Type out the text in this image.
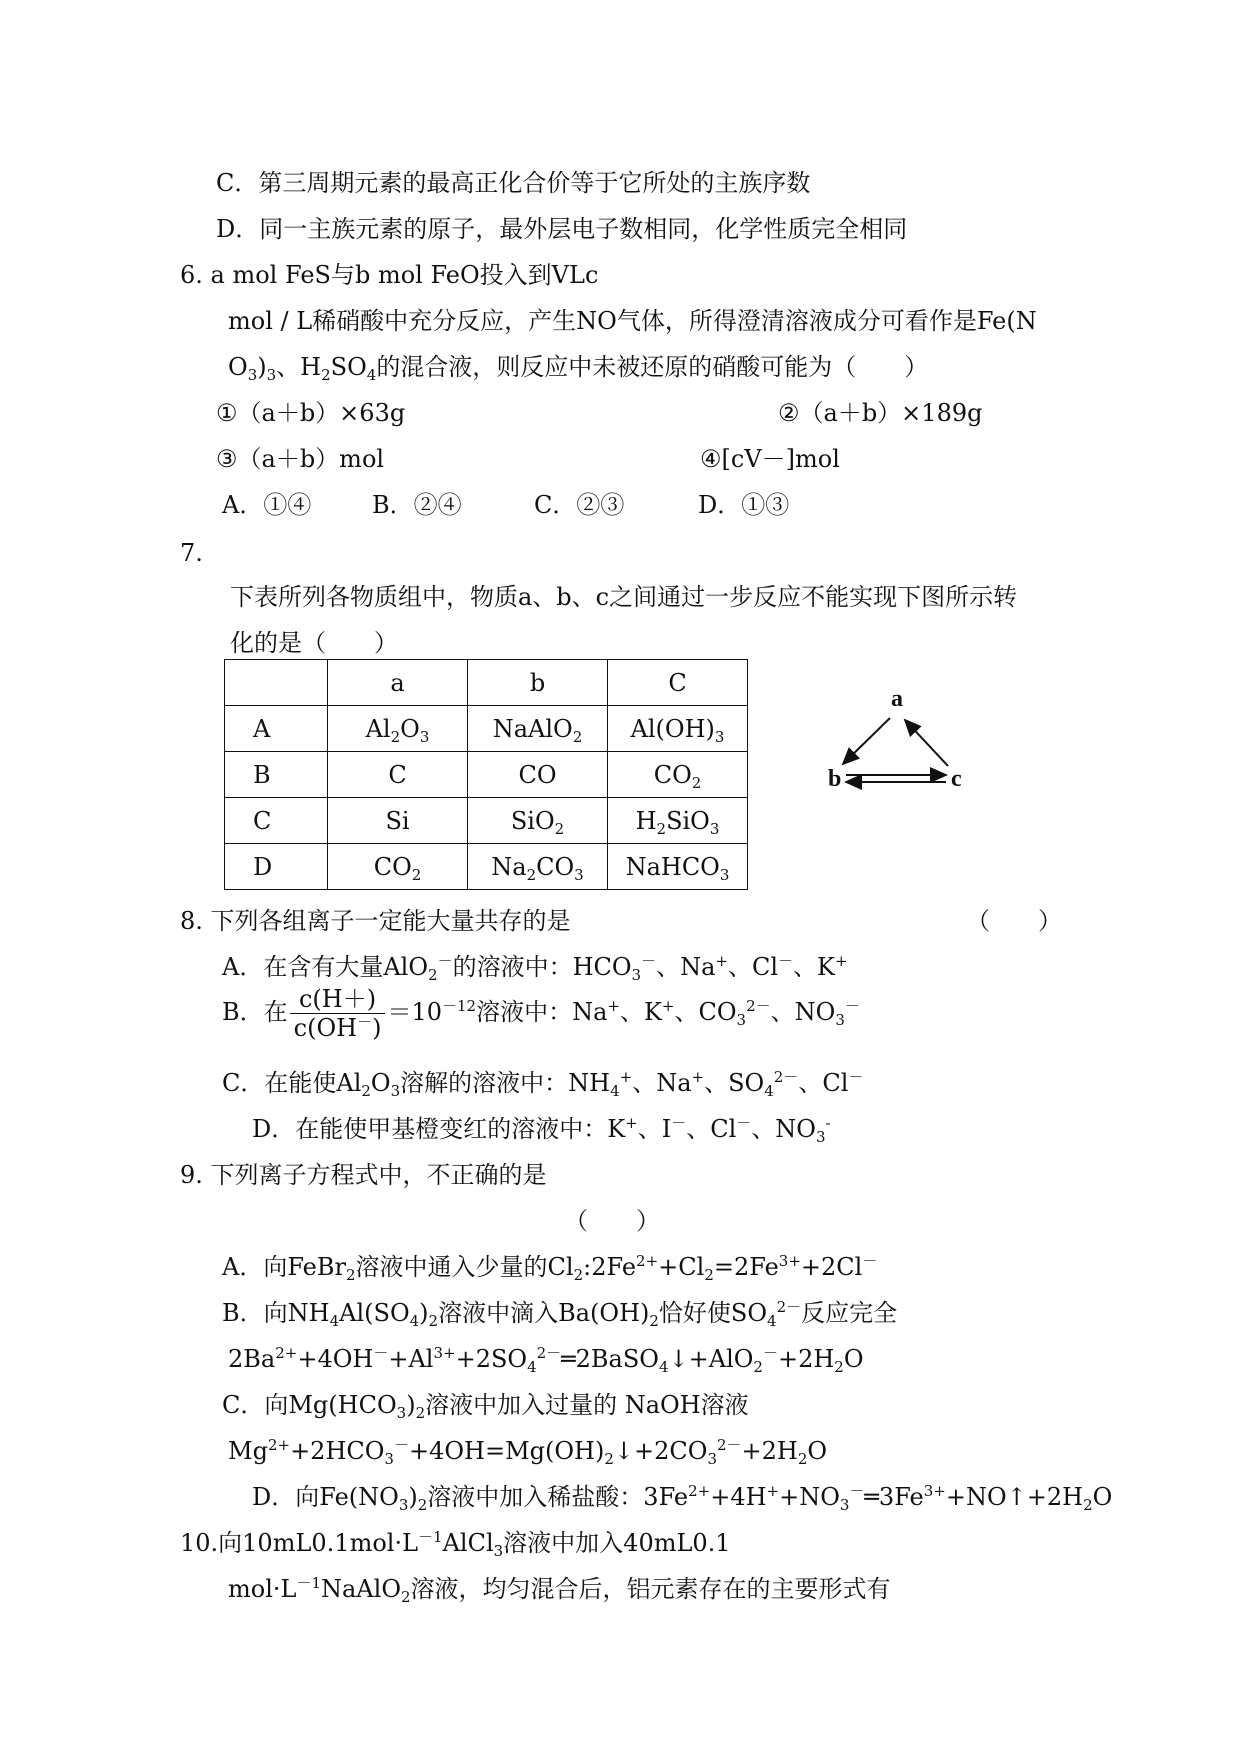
C．第三周期元素的最高正化合价等于它所处的主族序数
D．同一主族元素的原子，最外层电子数相同，化学性质完全相同
6. a mol FeS与b mol FeO投入到VLc
mol / L稀硝酸中充分反应，产生NO气体，所得澄清溶液成分可看作是Fe(N
$O_3)_3$、$H_2SO_4$的混合液，则反应中未被还原的硝酸可能为（　　）
①（a＋b）×63g	②（a＋b）×189g
③（a＋b）mol	④[cV－]mol
A．①④	B．②④	C．②③	D．①③
7.
下表所列各物质组中，物质a、b、c之间通过一步反应不能实现下图所示转
化的是（　　）
	a	b	C
A	$Al_2O_3$	NaAlO$_2$	$Al(OH)_3$
B	C	CO	$CO_2$
C	Si	SiO$_2$	$H_2SiO_3$
D	$CO_2$	$Na_2CO_3$	NaHCO$_3$
a
b	c
8. 下列各组离子一定能大量共存的是	（　　）
A．在含有大量AlO$_2$－的溶液中：$HCO_3^-$、Na+、Cl－、K+
B．在 $\frac{c(H+)}{c(OH^-)} =10^{-12}$溶液中：Na+、K+、$CO_3^{2-}$、$NO_3^-$
C．在能使$Al_2O_3$溶解的溶液中：$NH_4^+$、Na+、$SO_4^{2-}$、Cl－
D．在能使甲基橙变红的溶液中：K+、I－、Cl－、$NO_3^-$
9. 下列离子方程式中，不正确的是
（　　）
A．向FeBr$_2$溶液中通入少量的$Cl_2:2Fe^{2+}+Cl_2=2Fe^{3+}+2Cl^-$
B．向$NH_4Al(SO_4)_2$溶液中滴入$Ba(OH)_2$恰好使$SO_4^{2-}$反应完全
$2Ba^{2+}+4OH^-+Al^{3+}+2SO_4^{2-}═2BaSO_4↓+AlO_2^-+2H_2O$
C．向$Mg(HCO_3)_2$溶液中加入过量的 NaOH溶液
$Mg^{2+}+2HCO_3^-+4OH=Mg(OH)_2↓+2CO_3^{2-}+2H_2O$
D．向$Fe(NO_3)_2$溶液中加入稀盐酸：$3Fe^{2+}+4H^++NO_3^-═3Fe^{3+}+NO↑+2H_2O$
10.向$10mL0.1mol\cdot L^{-1}AlCl_3$溶液中加入40mL0.1
$mol\cdot L^{-1}NaAlO_2$溶液，均匀混合后，铝元素存在的主要形式有
